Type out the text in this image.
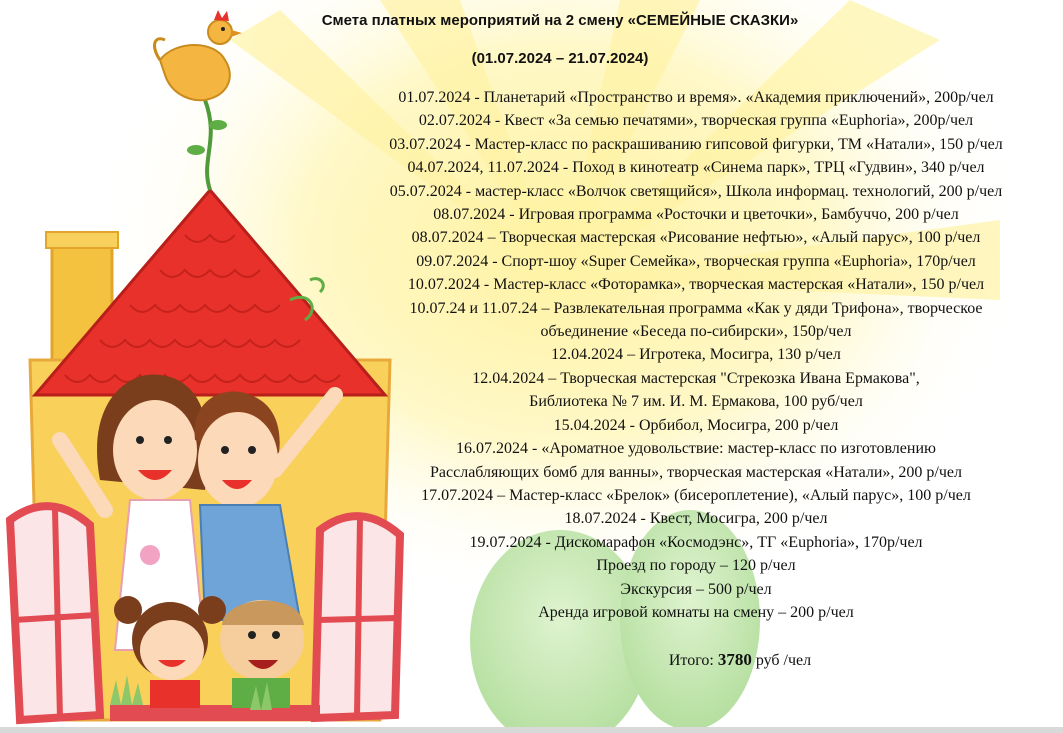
Смета платных мероприятий на 2 смену «СЕМЕЙНЫЕ СКАЗКИ»
(01.07.2024 – 21.07.2024)
01.07.2024 - Планетарий «Пространство и время». «Академия приключений», 200р/чел
02.07.2024 - Квест «За семью печатями», творческая группа «Euphoria», 200р/чел
03.07.2024 - Мастер-класс по раскрашиванию гипсовой фигурки, ТМ «Натали», 150 р/чел
04.07.2024, 11.07.2024 - Поход в кинотеатр «Синема парк», ТРЦ «Гудвин», 340 р/чел
05.07.2024 - мастер-класс «Волчок светящийся», Школа информац. технологий, 200 р/чел
08.07.2024 - Игровая программа «Росточки и цветочки», Бамбуччо, 200 р/чел
08.07.2024 – Творческая мастерская «Рисование нефтью», «Алый парус», 100 р/чел
09.07.2024 - Спорт-шоу «Super Семейка», творческая группа «Euphoria», 170р/чел
10.07.2024 - Мастер-класс «Фоторамка», творческая мастерская «Натали», 150 р/чел
10.07.24 и 11.07.24 – Развлекательная программа «Как у дяди Трифона», творческое
объединение «Беседа по-сибирски», 150р/чел
12.04.2024 – Игротека, Мосигра, 130 р/чел
12.04.2024 – Творческая мастерская "Стрекозка Ивана Ермакова",
Библиотека № 7 им. И. М. Ермакова, 100 руб/чел
15.04.2024 - Орбибол, Мосигра, 200 р/чел
16.07.2024 - «Ароматное удовольствие: мастер-класс по изготовлению
Расслабляющих бомб для ванны», творческая мастерская «Натали», 200 р/чел
17.07.2024 – Мастер-класс «Брелок» (бисероплетение), «Алый парус», 100 р/чел
18.07.2024 - Квест, Мосигра, 200 р/чел
19.07.2024 - Дискомарафон «Космодэнс», ТГ «Euphoria», 170р/чел
Проезд по городу – 120 р/чел
Экскурсия – 500 р/чел
Аренда игровой комнаты на смену – 200 р/чел
Итого: 3780 руб /чел
